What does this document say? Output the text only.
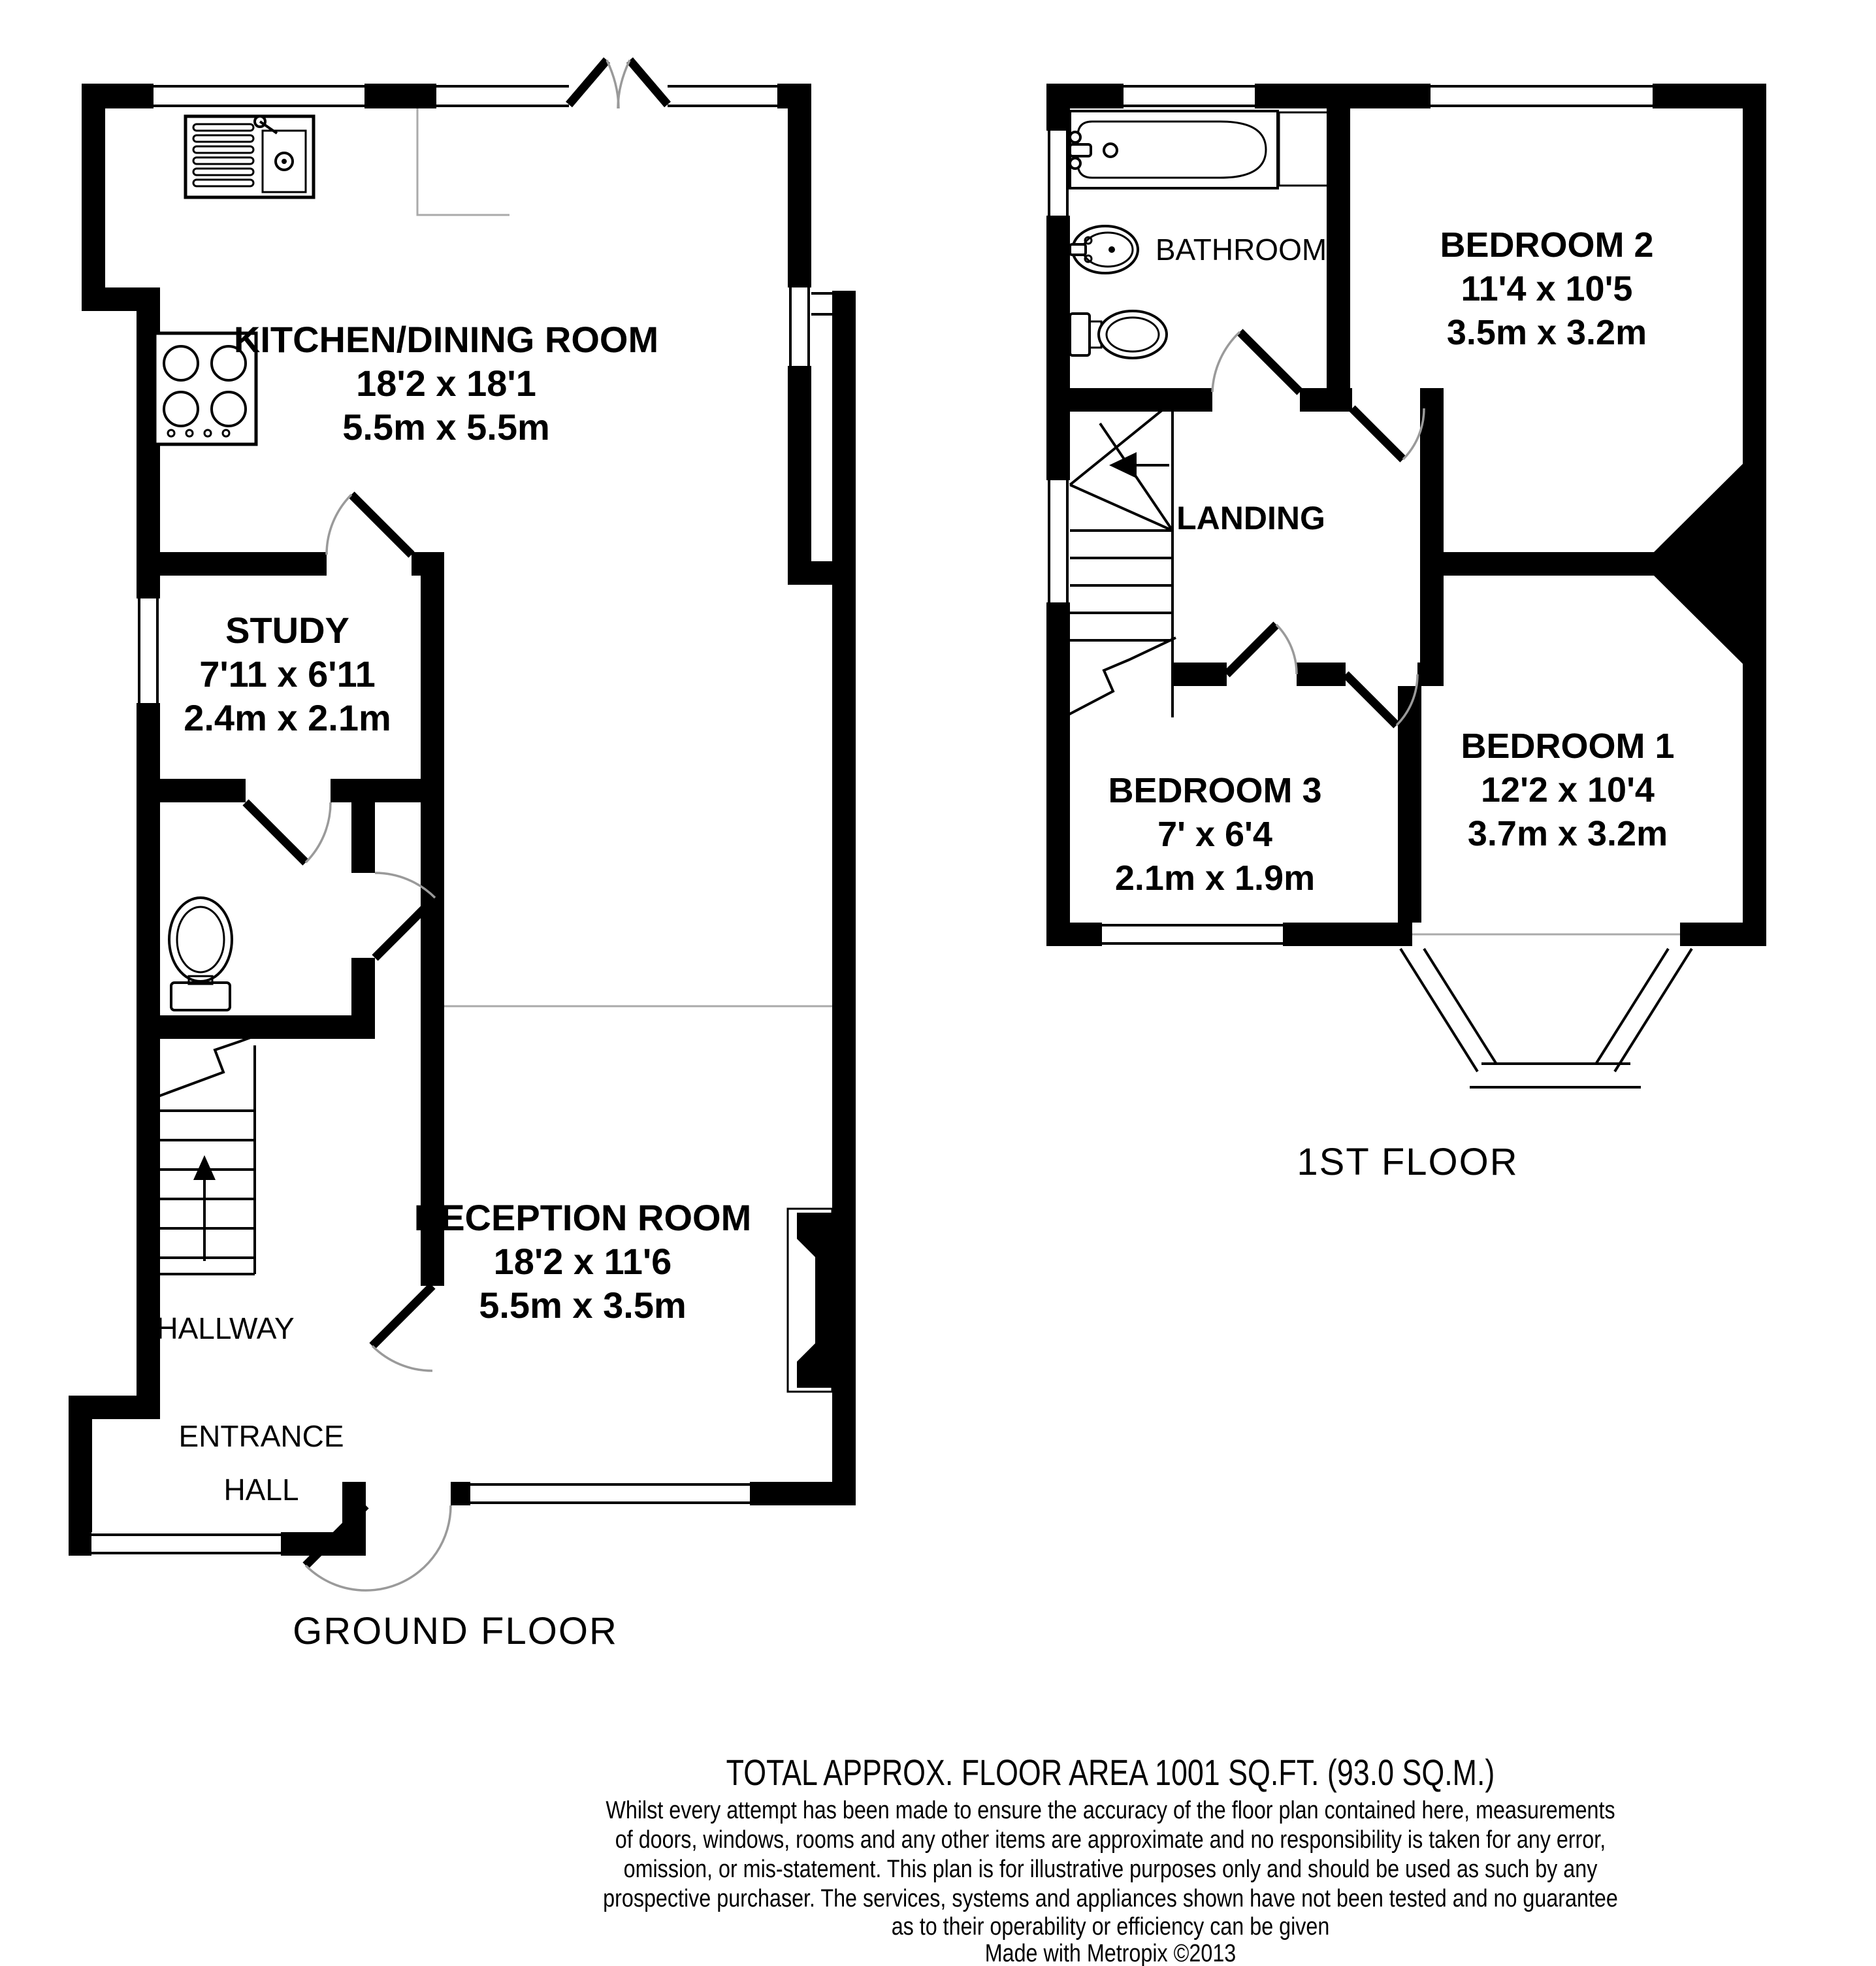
KITCHEN/DINING ROOM
18'2 x 18'1
5.5m x 5.5m
STUDY
7'11 x 6'11
2.4m x 2.1m
RECEPTION ROOM
18'2 x 11'6
5.5m x 3.5m
HALLWAY
ENTRANCE
HALL
GROUND FLOOR
BATHROOM
LANDING
BEDROOM 2
11'4 x 10'5
3.5m x 3.2m
BEDROOM 3
7' x 6'4
2.1m x 1.9m
BEDROOM 1
12'2 x 10'4
3.7m x 3.2m
1ST FLOOR
TOTAL APPROX. FLOOR AREA 1001 SQ.FT. (93.0 SQ.M.)
Whilst every attempt has been made to ensure the accuracy of the floor plan contained here, measurements
of doors, windows, rooms and any other items are approximate and no responsibility is taken for any error,
omission, or mis-statement. This plan is for illustrative purposes only and should be used as such by any
prospective purchaser. The services, systems and appliances shown have not been tested and no guarantee
as to their operability or efficiency can be given
Made with Metropix ©2013
